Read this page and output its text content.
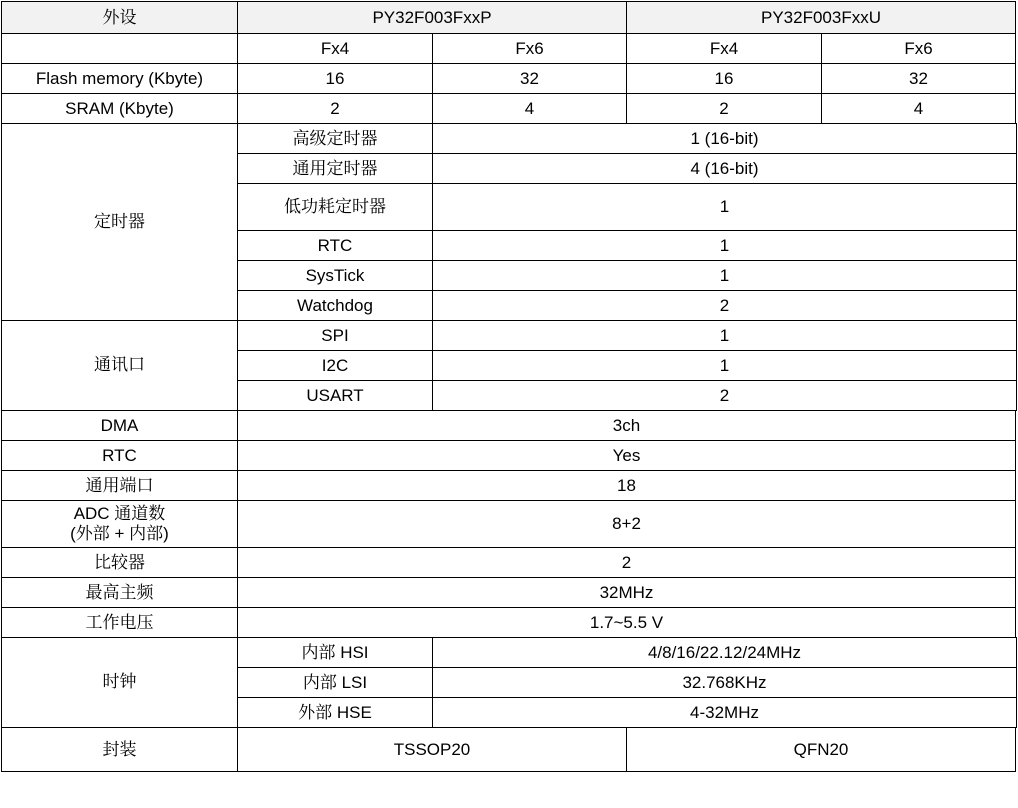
外设	PY32F003FxxP		PY32F003FxxU	
	Fx4	Fx6	Fx4	Fx6
Flash memory (Kbyte)	16	32	16	32
SRAM (Kbyte)	2	4	2	4

定时器	高级定时器	1 (16-bit)		
	通用定时器	4 (16-bit)		
	低功耗定时器	1		
	RTC	1		
	SysTick	1		
	Watchdog	2		

通讯口	SPI	1		
	I2C	1		
	USART	2		
DMA	3ch			
RTC	Yes			
通用端口	18			
ADC 通道数
(外部 + 内部)	8+2			
比较器	2			
最高主频	32MHz			
工作电压	1.7~5.5 V			

时钟	内部 HSI	4/8/16/22.12/24MHz		
	内部 LSI	32.768KHz		
	外部 HSE	4-32MHz		
封装	TSSOP20		QFN20	
